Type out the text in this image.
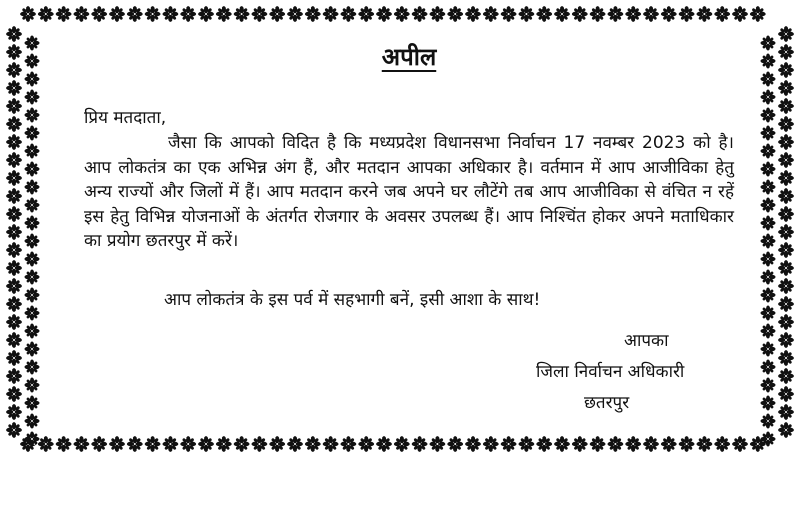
अपील
प्रिय मतदाता,

जैसा कि आपको विदित है कि मध्यप्रदेश विधानसभा निर्वाचन 17 नवम्बर 2023 को है। आप लोकतंत्र का एक अभिन्न अंग हैं, और मतदान आपका अधिकार है। वर्तमान में आप आजीविका हेतु अन्य राज्यों और जिलों में हैं। आप मतदान करने जब अपने घर लौटेंगे तब आप आजीविका से वंचित न रहें इस हेतु विभिन्न योजनाओं के अंतर्गत रोजगार के अवसर उपलब्ध हैं। आप निश्चिंत होकर अपने मताधिकार का प्रयोग छतरपुर में करें।

आप लोकतंत्र के इस पर्व में सहभागी बनें, इसी आशा के साथ!

आपका
जिला निर्वाचन अधिकारी
छतरपुर
